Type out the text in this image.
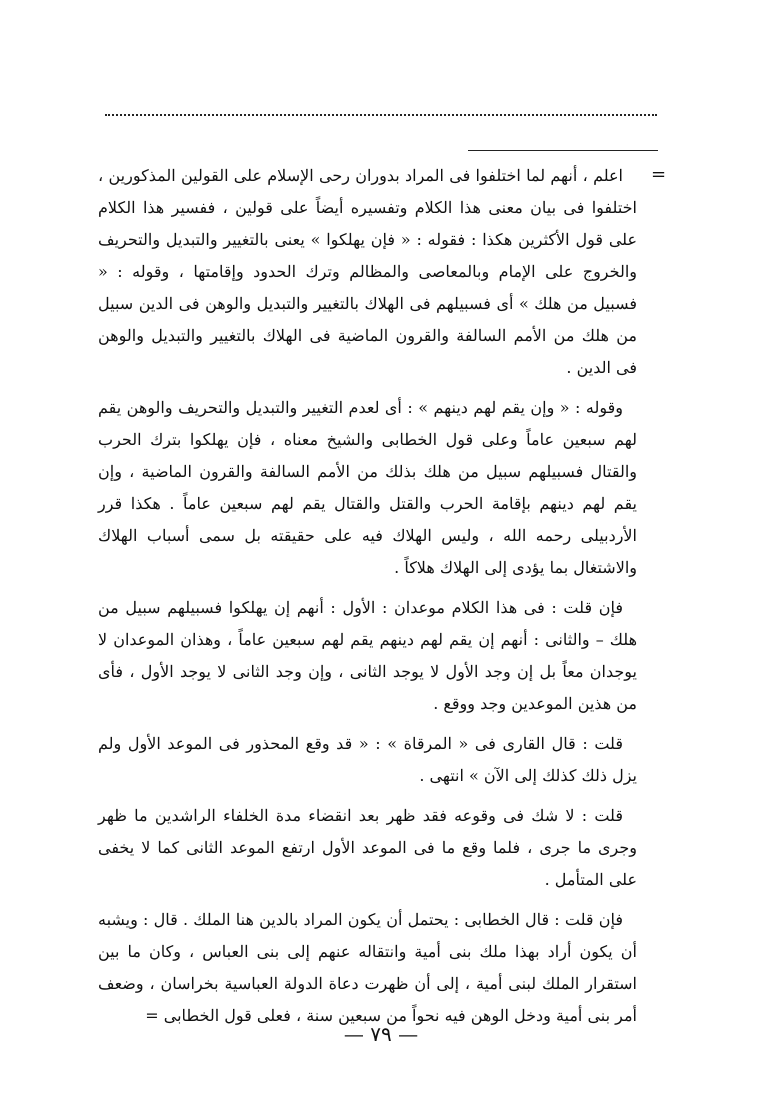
=

اعلم ، أنهم لما اختلفوا فى المراد بدوران رحى الإسلام على القولين المذكورين ، اختلفوا فى بيان معنى هذا الكلام وتفسيره أيضاً على قولين ، ففسير هذا الكلام على قول الأكثرين هكذا : فقوله : « فإن يهلكوا » يعنى بالتغيير والتبديل والتحريف والخروج على الإمام وبالمعاصى والمظالم وترك الحدود وإقامتها ، وقوله : « فسبيل من هلك » أى فسبيلهم فى الهلاك بالتغيير والتبديل والوهن فى الدين سبيل من هلك من الأمم السالفة والقرون الماضية فى الهلاك بالتغيير والتبديل والوهن فى الدين .

وقوله : « وإن يقم لهم دينهم » : أى لعدم التغيير والتبديل والتحريف والوهن يقم لهم سبعين عاماً وعلى قول الخطابى والشيخ معناه ، فإن يهلكوا بترك الحرب والقتال فسبيلهم سبيل من هلك بذلك من الأمم السالفة والقرون الماضية ، وإن يقم لهم دينهم بإقامة الحرب والقتل والقتال يقم لهم سبعين عاماً . هكذا قرر الأردبيلى رحمه الله ، وليس الهلاك فيه على حقيقته بل سمى أسباب الهلاك والاشتغال بما يؤدى إلى الهلاك هلاكاً .

فإن قلت : فى هذا الكلام موعدان : الأول : أنهم إن يهلكوا فسبيلهم سبيل من هلك – والثانى : أنهم إن يقم لهم دينهم يقم لهم سبعين عاماً ، وهذان الموعدان لا يوجدان معاً بل إن وجد الأول لا يوجد الثانى ، وإن وجد الثانى لا يوجد الأول ، فأى من هذين الموعدين وجد ووقع .

قلت : قال القارى فى « المرقاة » : « قد وقع المحذور فى الموعد الأول ولم يزل ذلك كذلك إلى الآن » انتهى .

قلت : لا شك فى وقوعه فقد ظهر بعد انقضاء مدة الخلفاء الراشدين ما ظهر وجرى ما جرى ، فلما وقع ما فى الموعد الأول ارتفع الموعد الثانى كما لا يخفى على المتأمل .

فإن قلت : قال الخطابى : يحتمل أن يكون المراد بالدين هنا الملك . قال : ويشبه أن يكون أراد بهذا ملك بنى أمية وانتقاله عنهم إلى بنى العباس ، وكان ما بين استقرار الملك لبنى أمية ، إلى أن ظهرت دعاة الدولة العباسية بخراسان ، وضعف أمر بنى أمية ودخل الوهن فيه نحواً من سبعين سنة ، فعلى قول الخطابى =

— ٧٩ —
